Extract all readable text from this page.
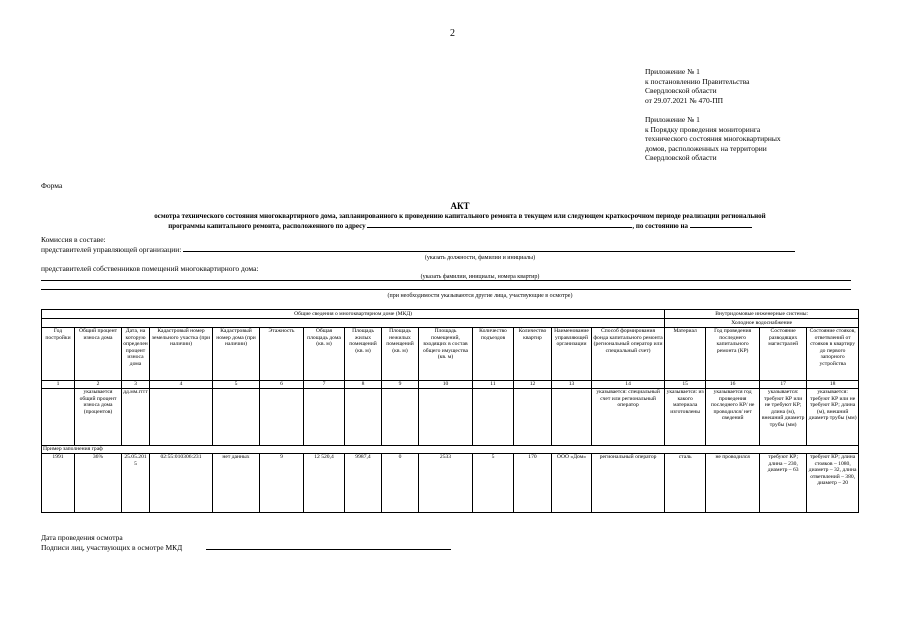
2
Приложение № 1
к постановлению Правительства
Свердловской области
от 29.07.2021 № 470-ПП
Приложение № 1
к Порядку проведения мониторинга
технического состояния многоквартирных
домов, расположенных на территории
Свердловской области
Форма
АКТ
осмотра технического состояния многоквартирного дома, запланированного к проведению капитального ремонта в текущем или следующем краткосрочном периоде реализации региональной
программы капитального ремонта, расположенного по адресу	, по состоянию на
Комиссия в составе:
представителей управляющей организации:
(указать должности, фамилии и инициалы)
представителей собственников помещений многоквартирного дома:
(указать фамилии, инициалы, номера квартир)
(при необходимости указываются другие лица, участвующие в осмотре)
Общие сведения о многоквартирном доме (МКД)														Внутридомовые инженерные системы:			
														Холодное водоснабжение			
Год постройки	Общий процент износа дома	Дата, на которую определен процент износа дома	Кадастровый номер земельного участка (при наличии)	Кадастровый номер дома (при наличии)	Этажность	Общая площадь дома (кв. м)	Площадь жилых помещений (кв. м)	Площадь нежилых помещений (кв. м)	Площадь помещений, входящих в состав общего имущества (кв. м)	Количество подъездов	Количество квартир	Наименование управляющей организации	Способ формирования фонда капитального ремонта (региональный оператор или специальный счет)	Материал	Год проведения последнего капитального ремонта (КР)	Состояние разводящих магистралей	Состояние стояков, ответвлений от стояков в квартиру до первого запорного устройства
1	2	3	4	5	6	7	8	9	10	11	12	13	14	15	16	17	18
	указывается общий процент износа дома (процентов)	дд.мм.гггг											указывается: специальный счет или региональный оператор	указывается: из какого материала изготовлены	указывается год проведения последнего КР/ не проводился/ нет сведений	указывается: требуют КР или не требуют КР; длина (м), внешний диаметр трубы (мм)	указывается: требуют КР или не требуют КР; длина (м), внешний диаметр трубы (мм)
Пример заполнения граф																	
1991	36%	25.05.2015	02:55:010306:231	нет данных	9	12 520,4	9987,4	0	2533	5	170	ООО «Дом»	региональный оператор	сталь	не проводился	требуют КР; длина – 230, диаметр – 63	требуют КР; длина стояков – 1080, диаметр – 32, длина ответвлений – 380, диаметр – 20
Дата проведения осмотра
Подписи лиц, участвующих в осмотре МКД
